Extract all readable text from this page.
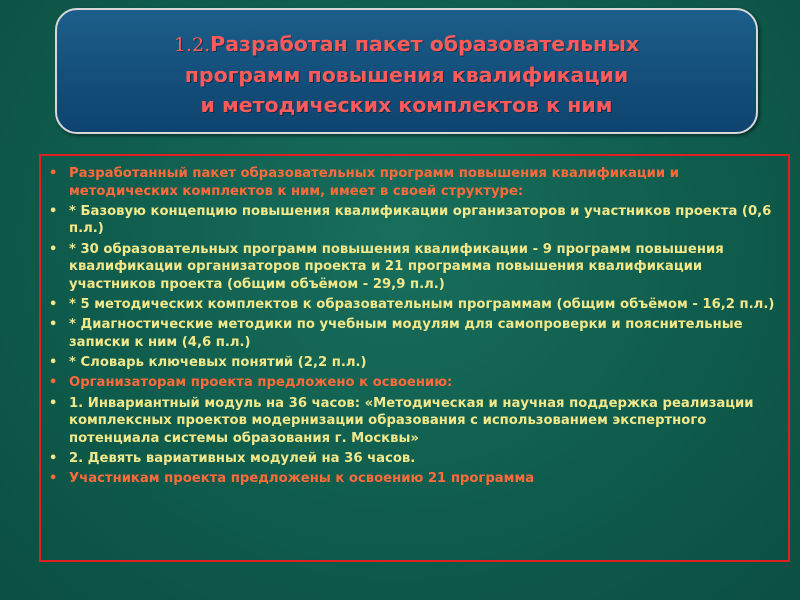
1.2.Разработан пакет образовательных
программ повышения квалификации
и методических комплектов к ним
• Разработанный пакет образовательных программ повышения квалификации и методических комплектов к ним, имеет в своей структуре:
• * Базовую концепцию повышения квалификации организаторов и участников проекта (0,6 п.л.)
• * 30 образовательных программ повышения квалификации - 9 программ повышения квалификации организаторов проекта и 21 программа повышения квалификации участников проекта (общим объёмом - 29,9 п.л.)
• * 5 методических комплектов к образовательным программам (общим объёмом - 16,2 п.л.)
• * Диагностические методики по учебным модулям для самопроверки и пояснительные записки к ним (4,6 п.л.)
• * Словарь ключевых понятий (2,2 п.л.)
• Организаторам проекта предложено к освоению:
• 1. Инвариантный модуль на 36 часов: «Методическая и научная поддержка реализации комплексных проектов модернизации образования с использованием экспертного потенциала системы образования г. Москвы»
• 2. Девять вариативных модулей на 36 часов.
• Участникам проекта предложены к освоению 21 программа
